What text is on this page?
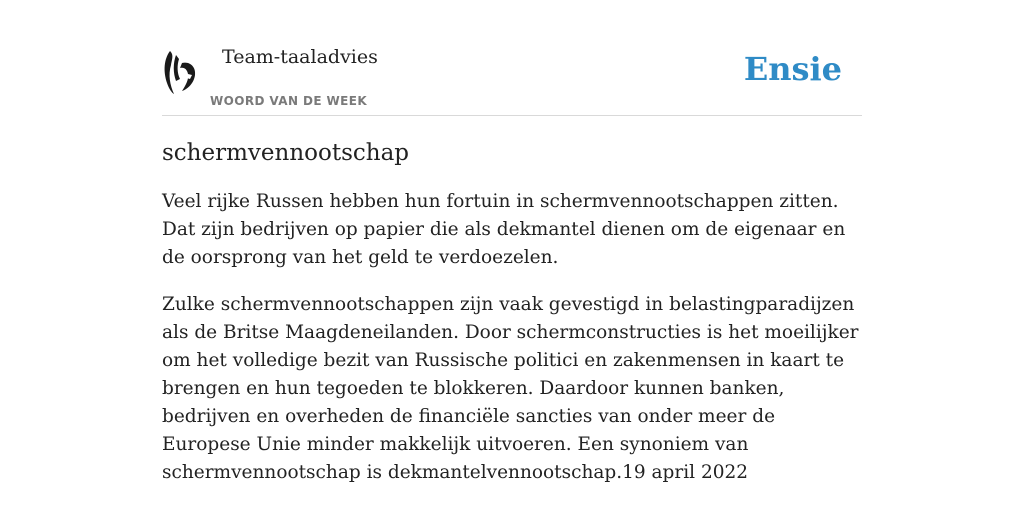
Team-taaladvies
WOORD VAN DE WEEK
Ensie
schermvennootschap

Veel rijke Russen hebben hun fortuin in schermvennootschappen zitten. Dat zijn bedrijven op papier die als dekmantel dienen om de eigenaar en de oorsprong van het geld te verdoezelen.

Zulke schermvennootschappen zijn vaak gevestigd in belastingparadijzen als de Britse Maagdeneilanden. Door schermconstructies is het moeilijker om het volledige bezit van Russische politici en zakenmensen in kaart te brengen en hun tegoeden te blokkeren. Daardoor kunnen banken, bedrijven en overheden de financiële sancties van onder meer de Europese Unie minder makkelijk uitvoeren. Een synoniem van schermvennootschap is dekmantelvennootschap.19 april 2022
